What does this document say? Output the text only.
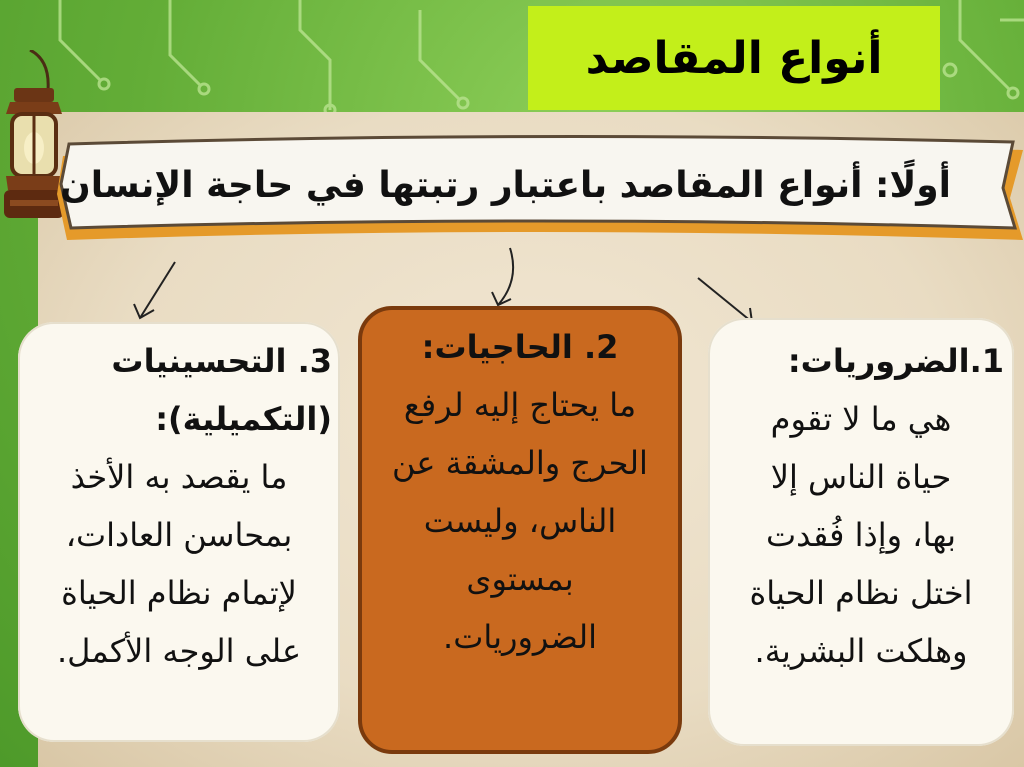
أنواع المقاصد
أولًا: أنواع المقاصد باعتبار رتبتها في حاجة الإنسان
3. التحسينيات
(التكميلية):
ما يقصد به الأخذ
بمحاسن العادات،
لإتمام نظام الحياة
على الوجه الأكمل.
2. الحاجيات:
ما يحتاج إليه لرفع
الحرج والمشقة عن
الناس، وليست
بمستوى
الضروريات.
1.الضروريات:
هي ما لا تقوم
حياة الناس إلا
بها، وإذا فُقدت
اختل نظام الحياة
وهلكت البشرية.
